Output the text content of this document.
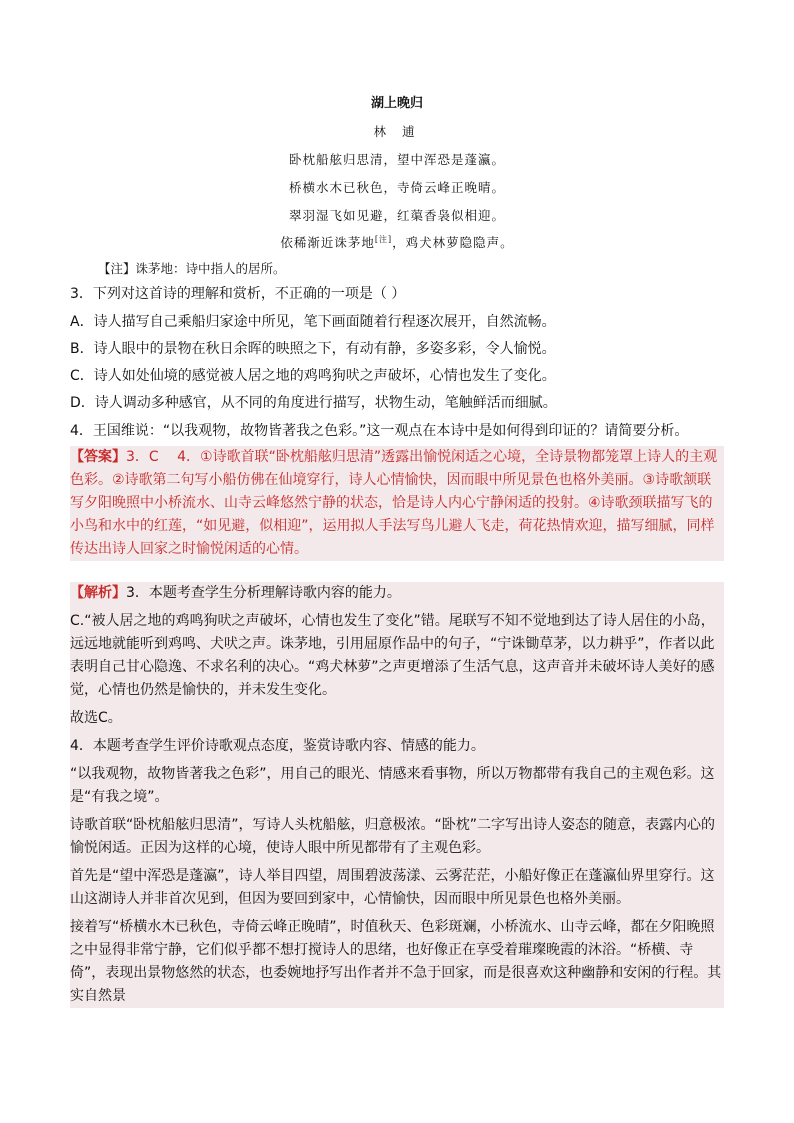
湖上晚归
林 逋
卧枕船舷归思清，望中浑恐是蓬瀛。
桥横水木已秋色，寺倚云峰正晚晴。
翠羽湿飞如见避，红蕖香袅似相迎。
依稀渐近诛茅地[注]，鸡犬林萝隐隐声。
【注】诛茅地：诗中指人的居所。
3．下列对这首诗的理解和赏析，不正确的一项是（ ）
A．诗人描写自己乘船归家途中所见，笔下画面随着行程逐次展开，自然流畅。
B．诗人眼中的景物在秋日余晖的映照之下，有动有静，多姿多彩，令人愉悦。
C．诗人如处仙境的感觉被人居之地的鸡鸣狗吠之声破坏，心情也发生了变化。
D．诗人调动多种感官，从不同的角度进行描写，状物生动，笔触鲜活而细腻。
4．王国维说：“以我观物，故物皆著我之色彩。”这一观点在本诗中是如何得到印证的？请简要分析。
【答案】3．C　 4．①诗歌首联“卧枕船舷归思清”透露出愉悦闲适之心境，全诗景物都笼罩上诗人的主观色彩。②诗歌第二句写小船仿佛在仙境穿行，诗人心情愉快，因而眼中所见景色也格外美丽。③诗歌颔联写夕阳晚照中小桥流水、山寺云峰悠然宁静的状态，恰是诗人内心宁静闲适的投射。④诗歌颈联描写飞的小鸟和水中的红莲，“如见避，似相迎”，运用拟人手法写鸟儿避人飞走，荷花热情欢迎，描写细腻，同样传达出诗人回家之时愉悦闲适的心情。
【解析】3．本题考查学生分析理解诗歌内容的能力。
C.“被人居之地的鸡鸣狗吠之声破坏，心情也发生了变化”错。尾联写不知不觉地到达了诗人居住的小岛，远远地就能听到鸡鸣、犬吠之声。诛茅地，引用屈原作品中的句子，“宁诛锄草茅，以力耕乎”，作者以此表明自己甘心隐逸、不求名利的决心。“鸡犬林萝”之声更增添了生活气息，这声音并未破坏诗人美好的感觉，心情也仍然是愉快的，并未发生变化。
故选C。
4．本题考查学生评价诗歌观点态度，鉴赏诗歌内容、情感的能力。
“以我观物，故物皆著我之色彩”，用自己的眼光、情感来看事物，所以万物都带有我自己的主观色彩。这是“有我之境”。
诗歌首联“卧枕船舷归思清”，写诗人头枕船舷，归意极浓。“卧枕”二字写出诗人姿态的随意，表露内心的愉悦闲适。正因为这样的心境，使诗人眼中所见都带有了主观色彩。
首先是“望中浑恐是蓬瀛”，诗人举目四望，周围碧波荡漾、云雾茫茫，小船好像正在蓬瀛仙界里穿行。这山这湖诗人并非首次见到，但因为要回到家中，心情愉快，因而眼中所见景色也格外美丽。
接着写“桥横水木已秋色，寺倚云峰正晚晴”，时值秋天、色彩斑斓，小桥流水、山寺云峰，都在夕阳晚照之中显得非常宁静，它们似乎都不想打搅诗人的思绪，也好像正在享受着璀璨晚霞的沐浴。“桥横、寺倚”，表现出景物悠然的状态，也委婉地抒写出作者并不急于回家，而是很喜欢这种幽静和安闲的行程。其实自然景
